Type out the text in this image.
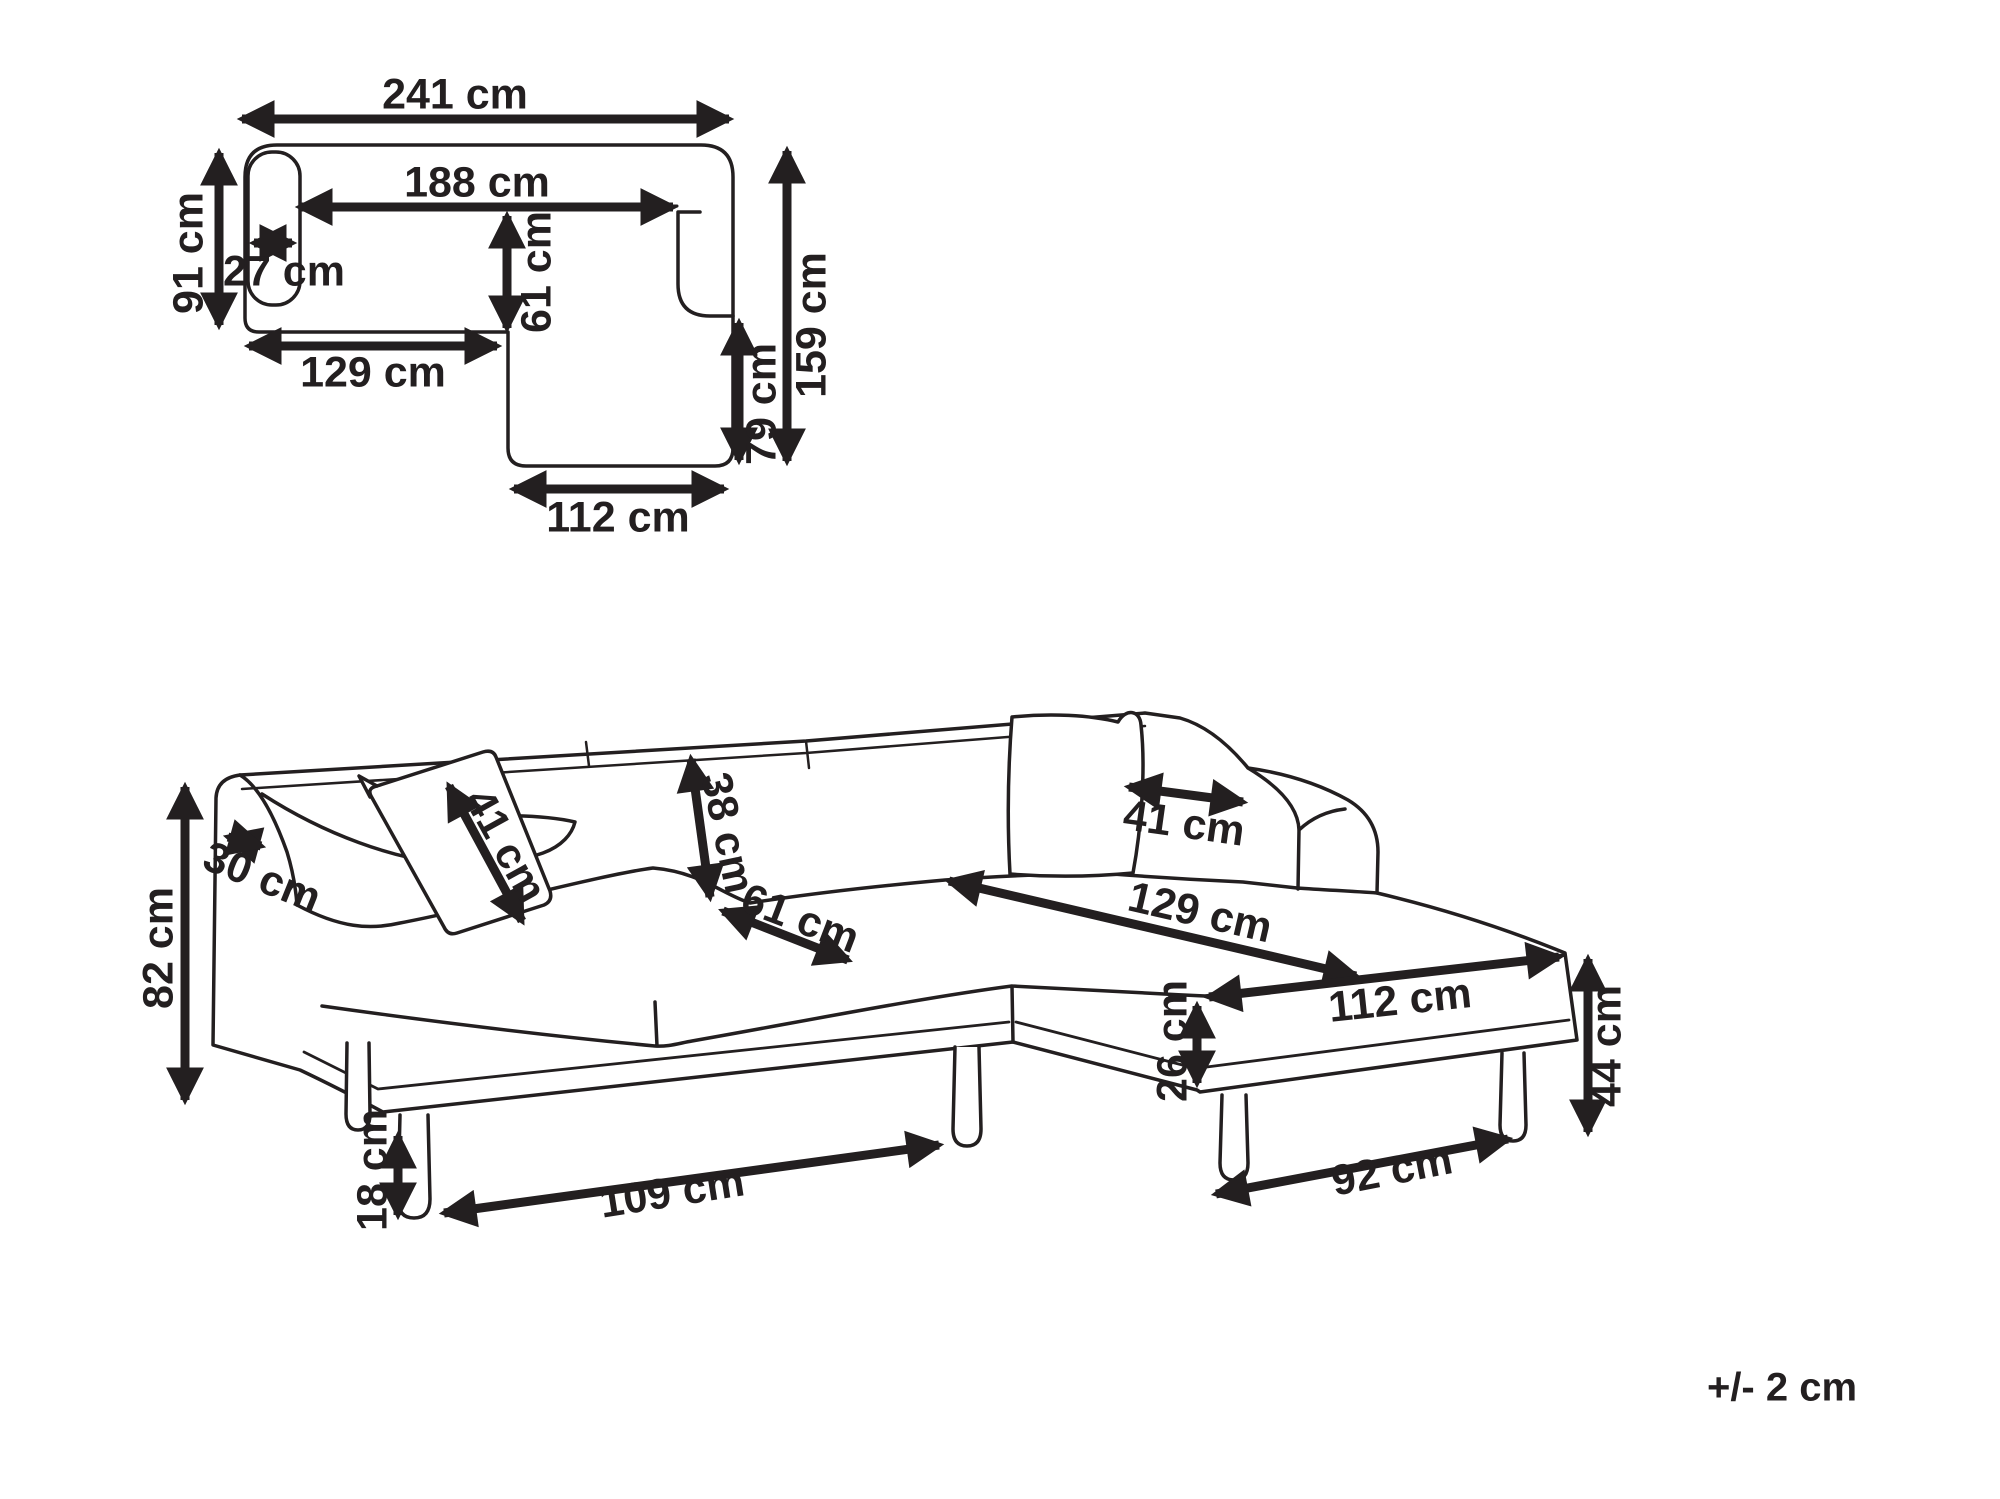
241 cm
188 cm
91 cm 27 cm	61 cm
129 cm
112 cm
79 cm
159 cm
30 cm
82 cm
41 cm	38 cm
61 cm
41 cm
129 cm
112 cm
26 cm	44 cm
92 cm
18 cm	109 cm
+/- 2 cm
